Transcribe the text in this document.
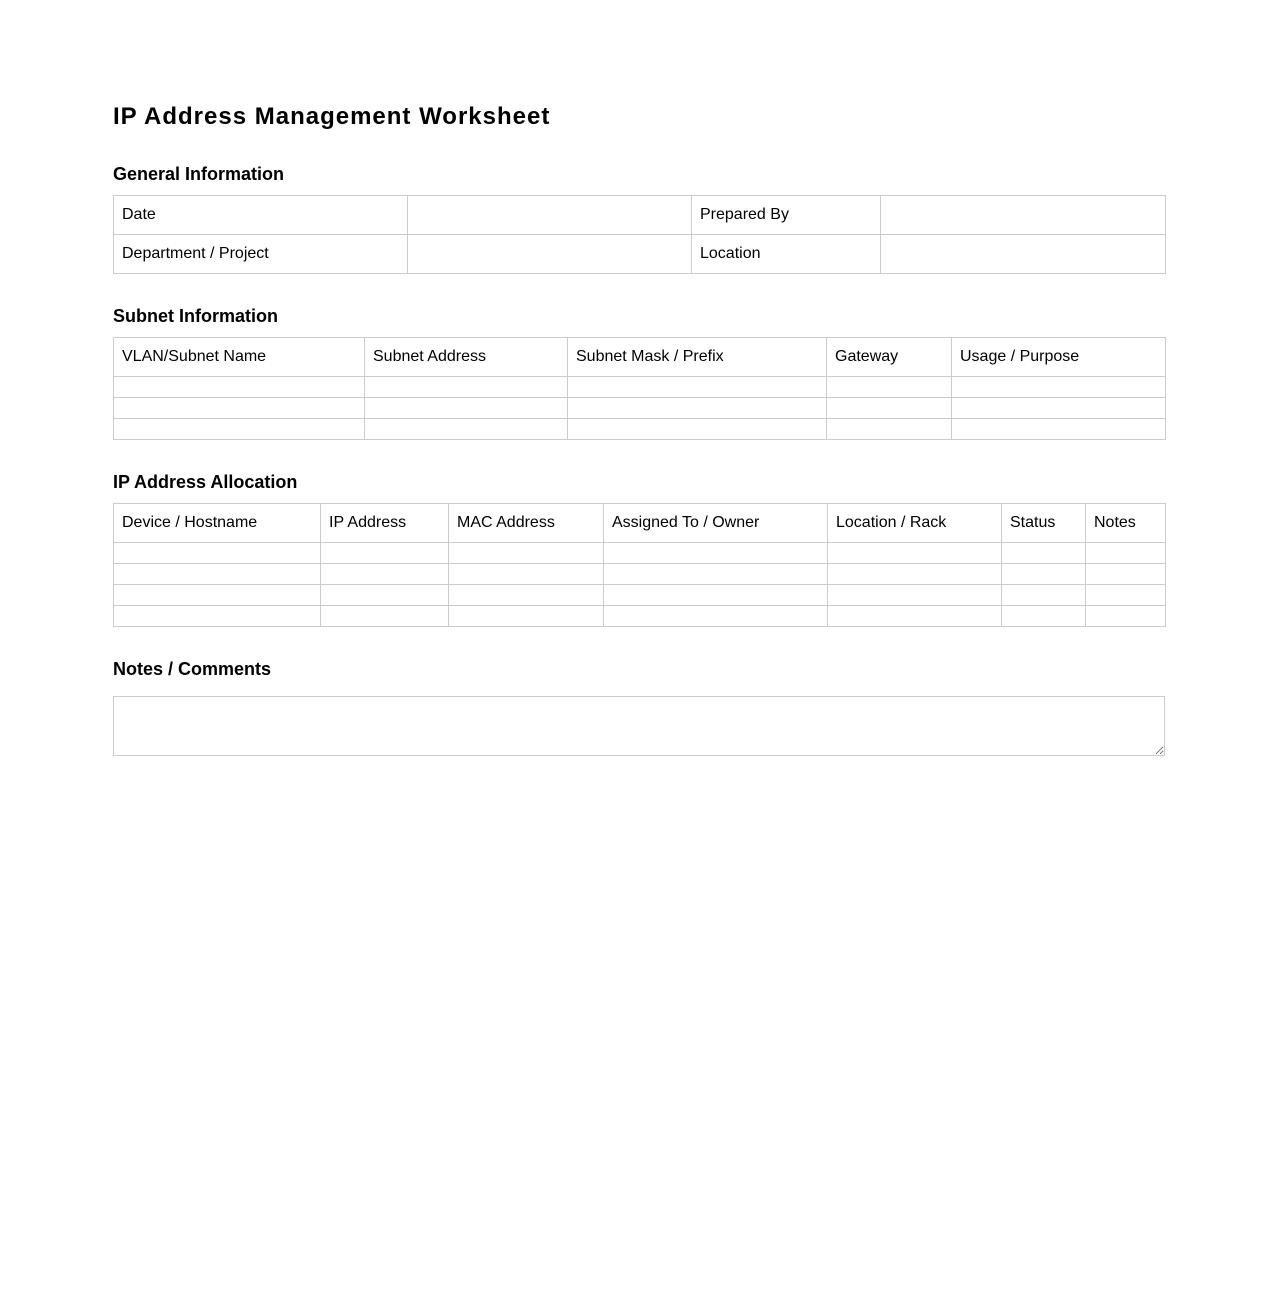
IP Address Management Worksheet
General Information
Date		Prepared By	
Department / Project		Location	
Subnet Information
VLAN/Subnet Name	Subnet Address	Subnet Mask / Prefix	Gateway	Usage / Purpose

IP Address Allocation
Device / Hostname	IP Address	MAC Address	Assigned To / Owner	Location / Rack	Status	Notes

Notes / Comments
